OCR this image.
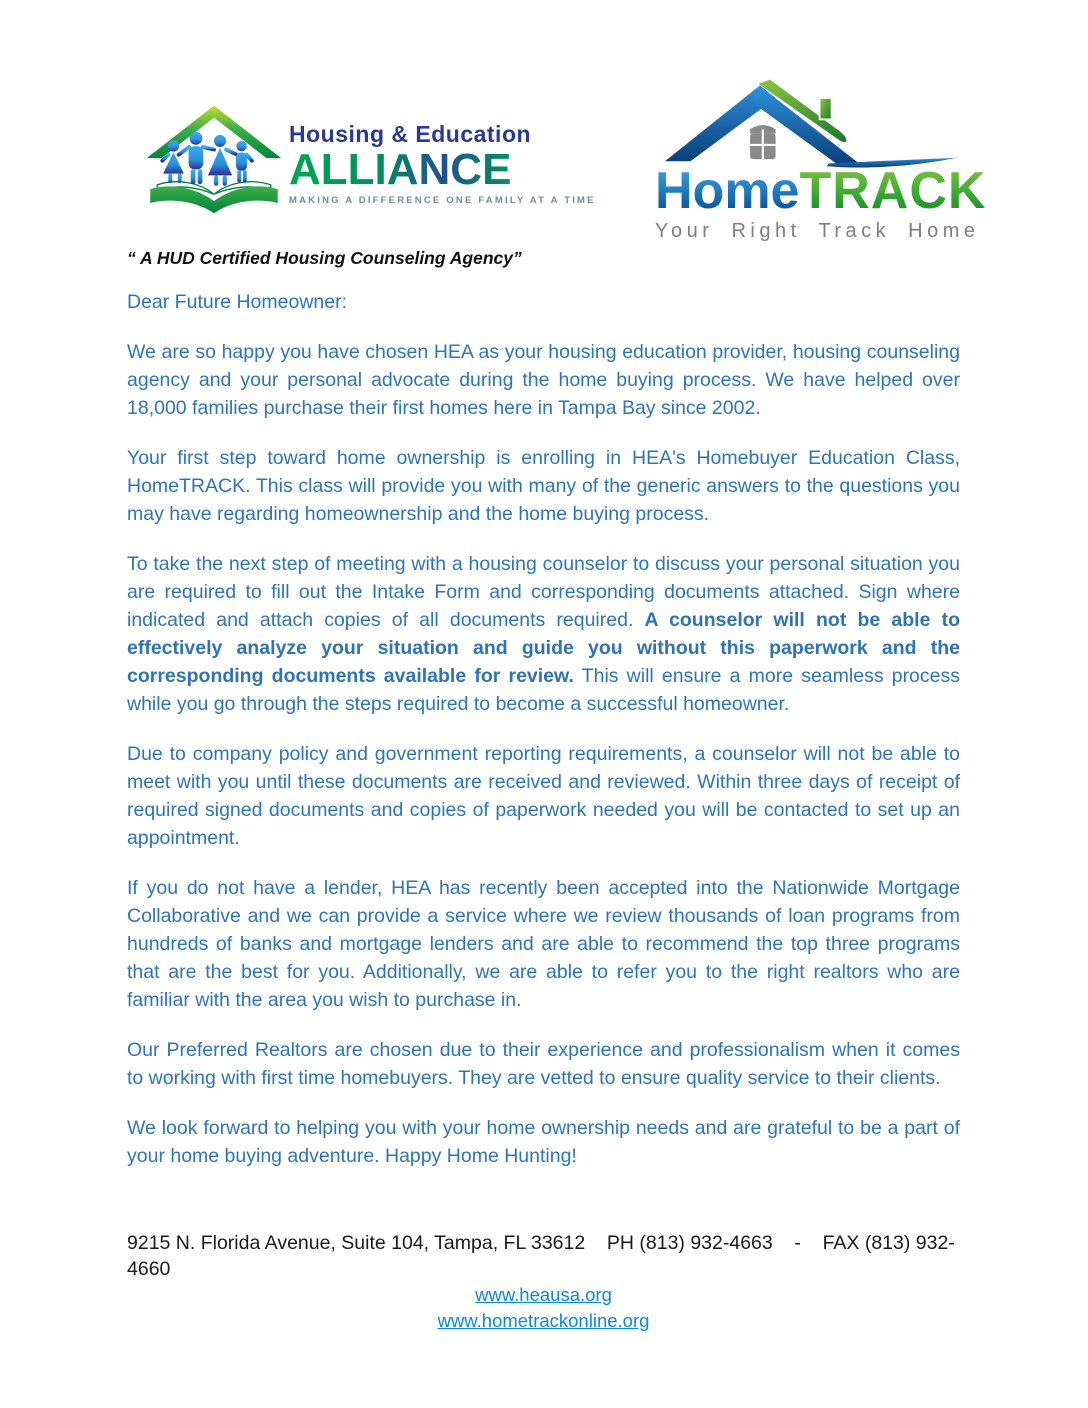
Housing & Education
ALLIANCE
MAKING A DIFFERENCE ONE FAMILY AT A TIME HomeTRACK
Your Right Track Home
“ A HUD Certified Housing Counseling Agency”
Dear Future Homeowner:

We are so happy you have chosen HEA as your housing education provider, housing counseling agency and your personal advocate during the home buying process. We have helped over 18,000 families purchase their first homes here in Tampa Bay since 2002.

Your first step toward home ownership is enrolling in HEA's Homebuyer Education Class, HomeTRACK. This class will provide you with many of the generic answers to the questions you may have regarding homeownership and the home buying process.

To take the next step of meeting with a housing counselor to discuss your personal situation you are required to fill out the Intake Form and corresponding documents attached. Sign where indicated and attach copies of all documents required. A counselor will not be able to effectively analyze your situation and guide you without this paperwork and the corresponding documents available for review. This will ensure a more seamless process while you go through the steps required to become a successful homeowner.

Due to company policy and government reporting requirements, a counselor will not be able to meet with you until these documents are received and reviewed. Within three days of receipt of required signed documents and copies of paperwork needed you will be contacted to set up an appointment.

If you do not have a lender, HEA has recently been accepted into the Nationwide Mortgage Collaborative and we can provide a service where we review thousands of loan programs from hundreds of banks and mortgage lenders and are able to recommend the top three programs that are the best for you. Additionally, we are able to refer you to the right realtors who are familiar with the area you wish to purchase in.

Our Preferred Realtors are chosen due to their experience and professionalism when it comes to working with first time homebuyers. They are vetted to ensure quality service to their clients.

We look forward to helping you with your home ownership needs and are grateful to be a part of your home buying adventure. Happy Home Hunting!

9215 N. Florida Avenue, Suite 104, Tampa, FL 33612    PH (813) 932-4663    -    FAX (813) 932-4660
www.heausa.org
www.hometrackonline.org
